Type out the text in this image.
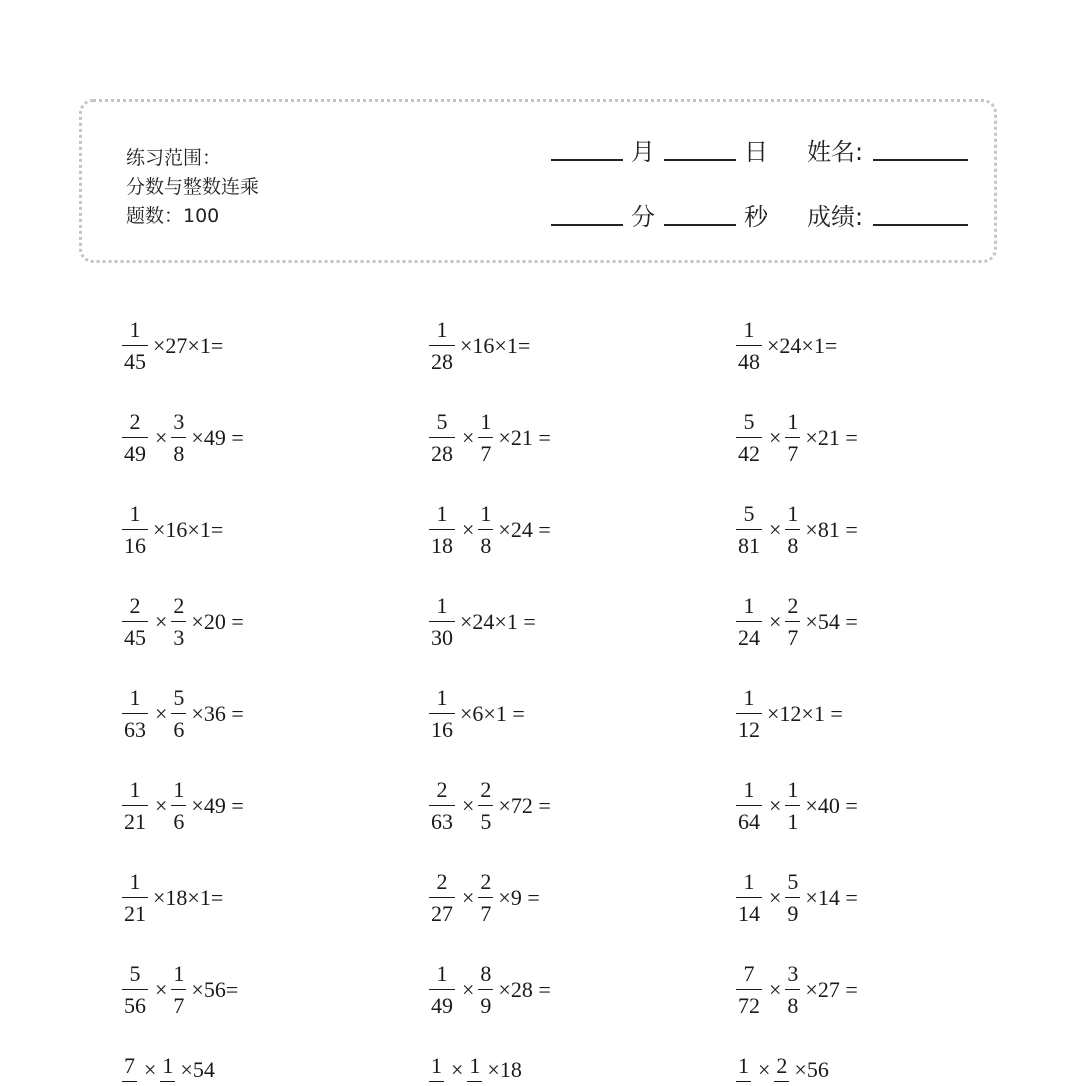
练习范围：
分数与整数连乘
题数：100
月	日 姓名:
分	秒 成绩:
$\frac{1}{45} \times 27\times 1=$	$\frac{1}{28} \times 16\times 1=$	$\frac{1}{48} \times 24\times 1=$
$\frac{2}{49} \times \frac{3}{8} \times 49$ =	$\frac{5}{28} \times \frac{1}{7} \times 21$ =	$\frac{5}{42} \times \frac{1}{7} \times 21$ =
$\frac{1}{16} \times 16\times 1=$	$\frac{1}{18} \times \frac{1}{8} \times 24$ =	$\frac{5}{81} \times \frac{1}{8} \times 81$ =
$\frac{2}{45} \times \frac{2}{3} \times 20$ =	$\frac{1}{30} \times 24\times 1$ =	$\frac{1}{24} \times \frac{2}{7} \times 54$ =
$\frac{1}{63} \times \frac{5}{6} \times 36$ =	$\frac{1}{16} \times 6\times 1$ =	$\frac{1}{12} \times 12\times 1$ =
$\frac{1}{21} \times \frac{1}{6} \times 49$ =	$\frac{2}{63} \times \frac{2}{5} \times 72$ =	$\frac{1}{64} \times \frac{1}{1} \times 40$ =
$\frac{1}{21} \times 18\times 1=$	$\frac{2}{27} \times \frac{2}{7} \times 9$ =	$\frac{1}{14} \times \frac{5}{9} \times 14$ =
$\frac{5}{56} \times \frac{1}{7} \times 56=$	$\frac{1}{49} \times \frac{8}{9} \times 28$ =	$\frac{7}{72} \times \frac{3}{8} \times 27$ =
7 × 1 ×54	1 × 1 ×18	1 × 2 ×56
